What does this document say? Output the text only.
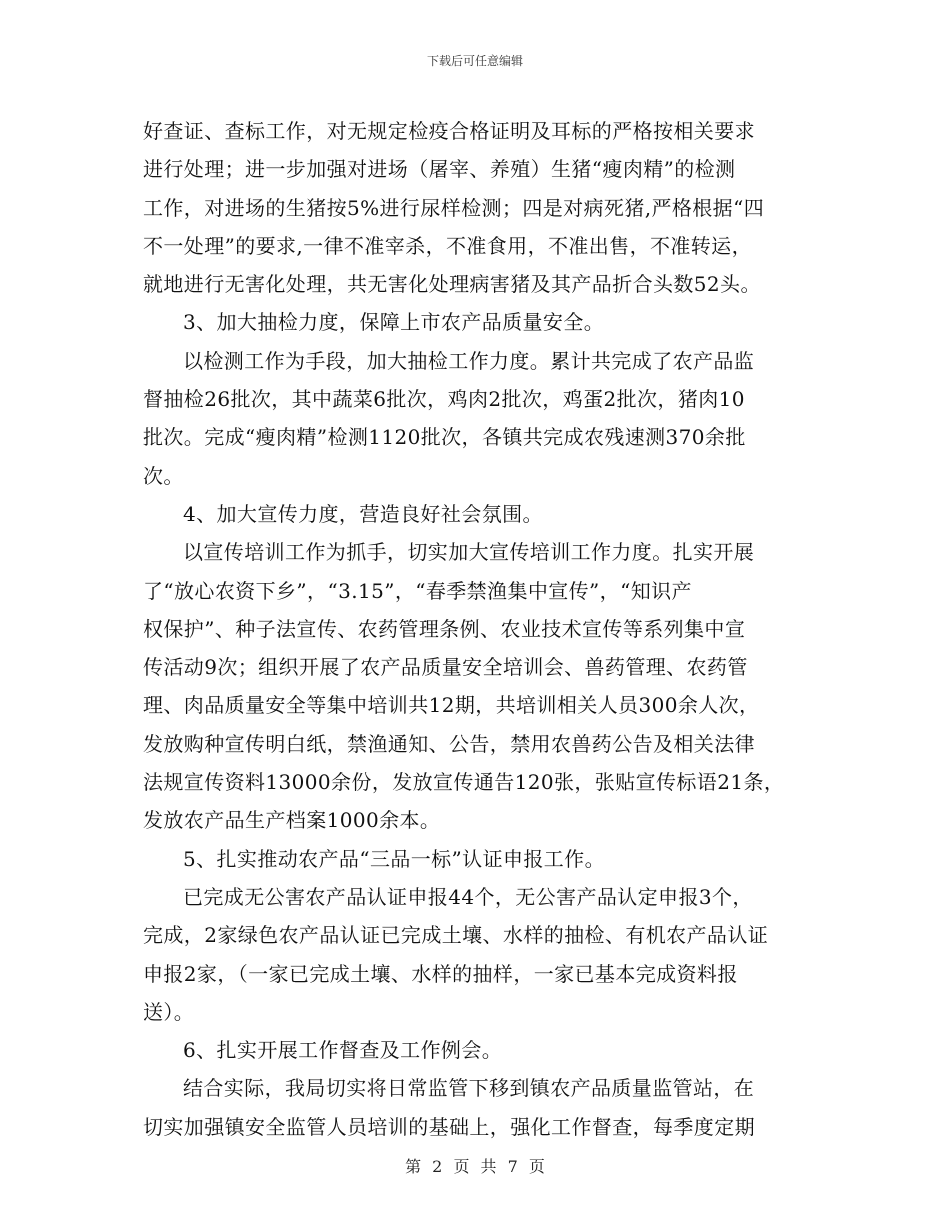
下载后可任意编辑
好查证、查标工作，对无规定检疫合格证明及耳标的严格按相关要求
进行处理；进一步加强对进场（屠宰、养殖）生猪“瘦肉精”的检测
工作，对进场的生猪按5%进行尿样检测；四是对病死猪,严格根据“四
不一处理”的要求,一律不准宰杀，不准食用，不准出售，不准转运，
就地进行无害化处理，共无害化处理病害猪及其产品折合头数52头。
3、加大抽检力度，保障上市农产品质量安全。
以检测工作为手段，加大抽检工作力度。累计共完成了农产品监
督抽检26批次，其中蔬菜6批次，鸡肉2批次，鸡蛋2批次，猪肉10
批次。完成“瘦肉精”检测1120批次，各镇共完成农残速测370余批
次。
4、加大宣传力度，营造良好社会氛围。
以宣传培训工作为抓手，切实加大宣传培训工作力度。扎实开展
了“放心农资下乡”，“3.15”，“春季禁渔集中宣传”，“知识产
权保护”、种子法宣传、农药管理条例、农业技术宣传等系列集中宣
传活动9次；组织开展了农产品质量安全培训会、兽药管理、农药管
理、肉品质量安全等集中培训共12期，共培训相关人员300余人次，
发放购种宣传明白纸，禁渔通知、公告，禁用农兽药公告及相关法律
法规宣传资料13000余份，发放宣传通告120张，张贴宣传标语21条，
发放农产品生产档案1000余本。
5、扎实推动农产品“三品一标”认证申报工作。
已完成无公害农产品认证申报44个，无公害产品认定申报3个，
完成，2家绿色农产品认证已完成土壤、水样的抽检、有机农产品认证
申报2家，（一家已完成土壤、水样的抽样，一家已基本完成资料报
送）。
6、扎实开展工作督查及工作例会。
结合实际，我局切实将日常监管下移到镇农产品质量监管站，在
切实加强镇安全监管人员培训的基础上，强化工作督查，每季度定期
第 2 页 共 7 页
